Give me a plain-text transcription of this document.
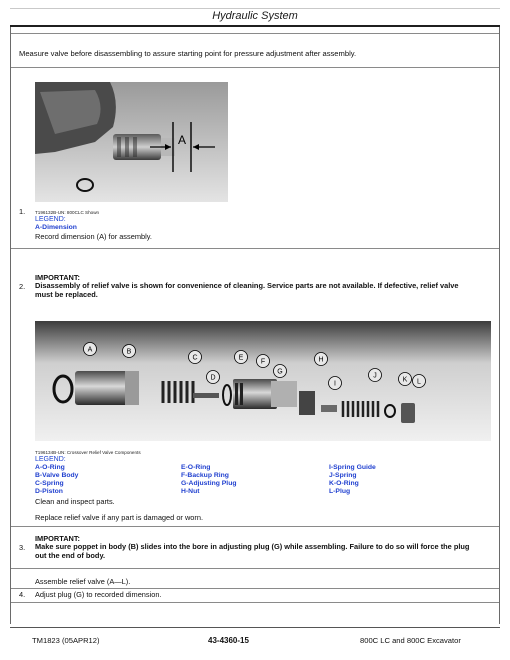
Hydraulic System
Measure valve before disassembling to assure starting point for pressure adjustment after assembly.
A
1. T196132B-UN: 800CLC Shown
LEGEND:
A-Dimension
Record dimension (A) for assembly.
IMPORTANT:
2. Disassembly of relief valve is shown for convenience of cleaning. Service parts are not available. If defective, relief valve
must be replaced.
A	B
C
D
E
F
G
H
I
J
K L
T196134B-UN: Crossover Relief Valve Components
LEGEND:
A-O-Ring
B-Valve Body
C-Spring
D-Piston
E-O-Ring
F-Backup Ring
G-Adjusting Plug
H-Nut
I-Spring Guide
J-Spring
K-O-Ring
L-Plug
Clean and inspect parts.
Replace relief valve if any part is damaged or worn.
IMPORTANT:
3. Make sure poppet in body (B) slides into the bore in adjusting plug (G) while assembling. Failure to do so will force the plug
out the end of body.
Assemble relief valve (A—L).
4. Adjust plug (G) to recorded dimension.
TM1823 (05APR12)	43-4360-15	800C LC and 800C Excavator
